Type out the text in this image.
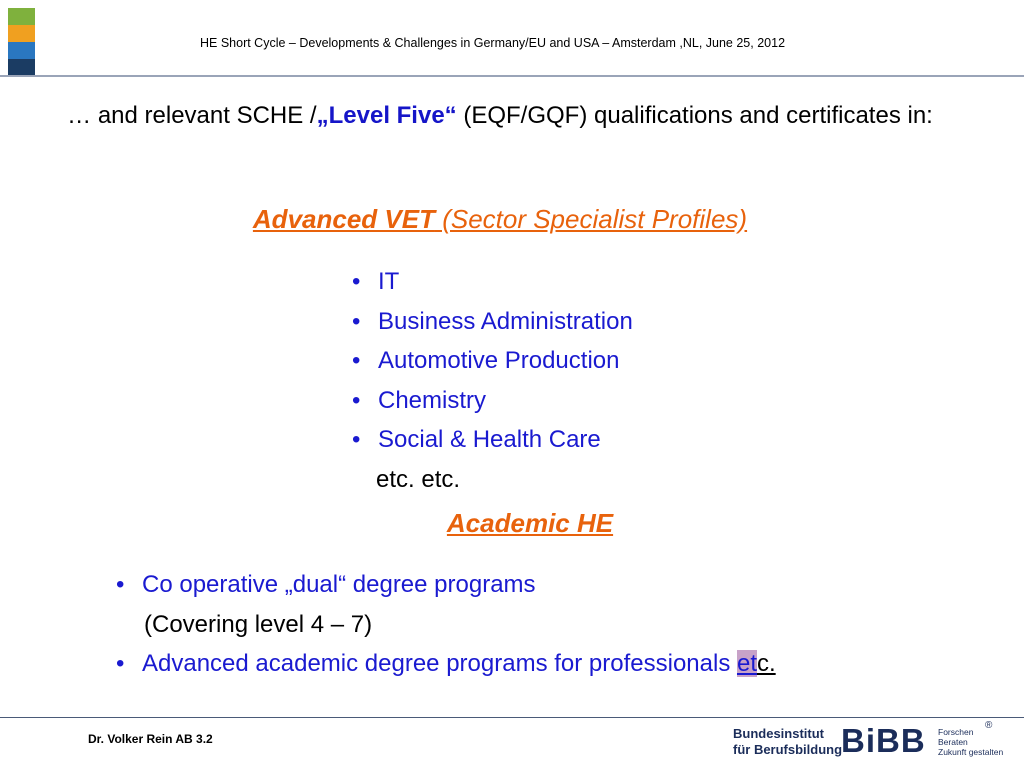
HE Short Cycle – Developments & Challenges in Germany/EU and USA – Amsterdam ,NL, June 25, 2012
… and relevant SCHE /„Level Five“ (EQF/GQF) qualifications and certificates in:
Advanced VET (Sector Specialist Profiles)
• IT
• Business Administration
• Automotive Production
• Chemistry
• Social & Health Care
etc. etc.
Academic HE
• Co operative „dual“ degree programs
(Covering level 4 – 7)
• Advanced academic degree programs for professionals etc.
Dr. Volker Rein AB 3.2	Bundesinstitut
für Berufsbildung
BiBB Forschen
Beraten
Zukunft gestalten
®
